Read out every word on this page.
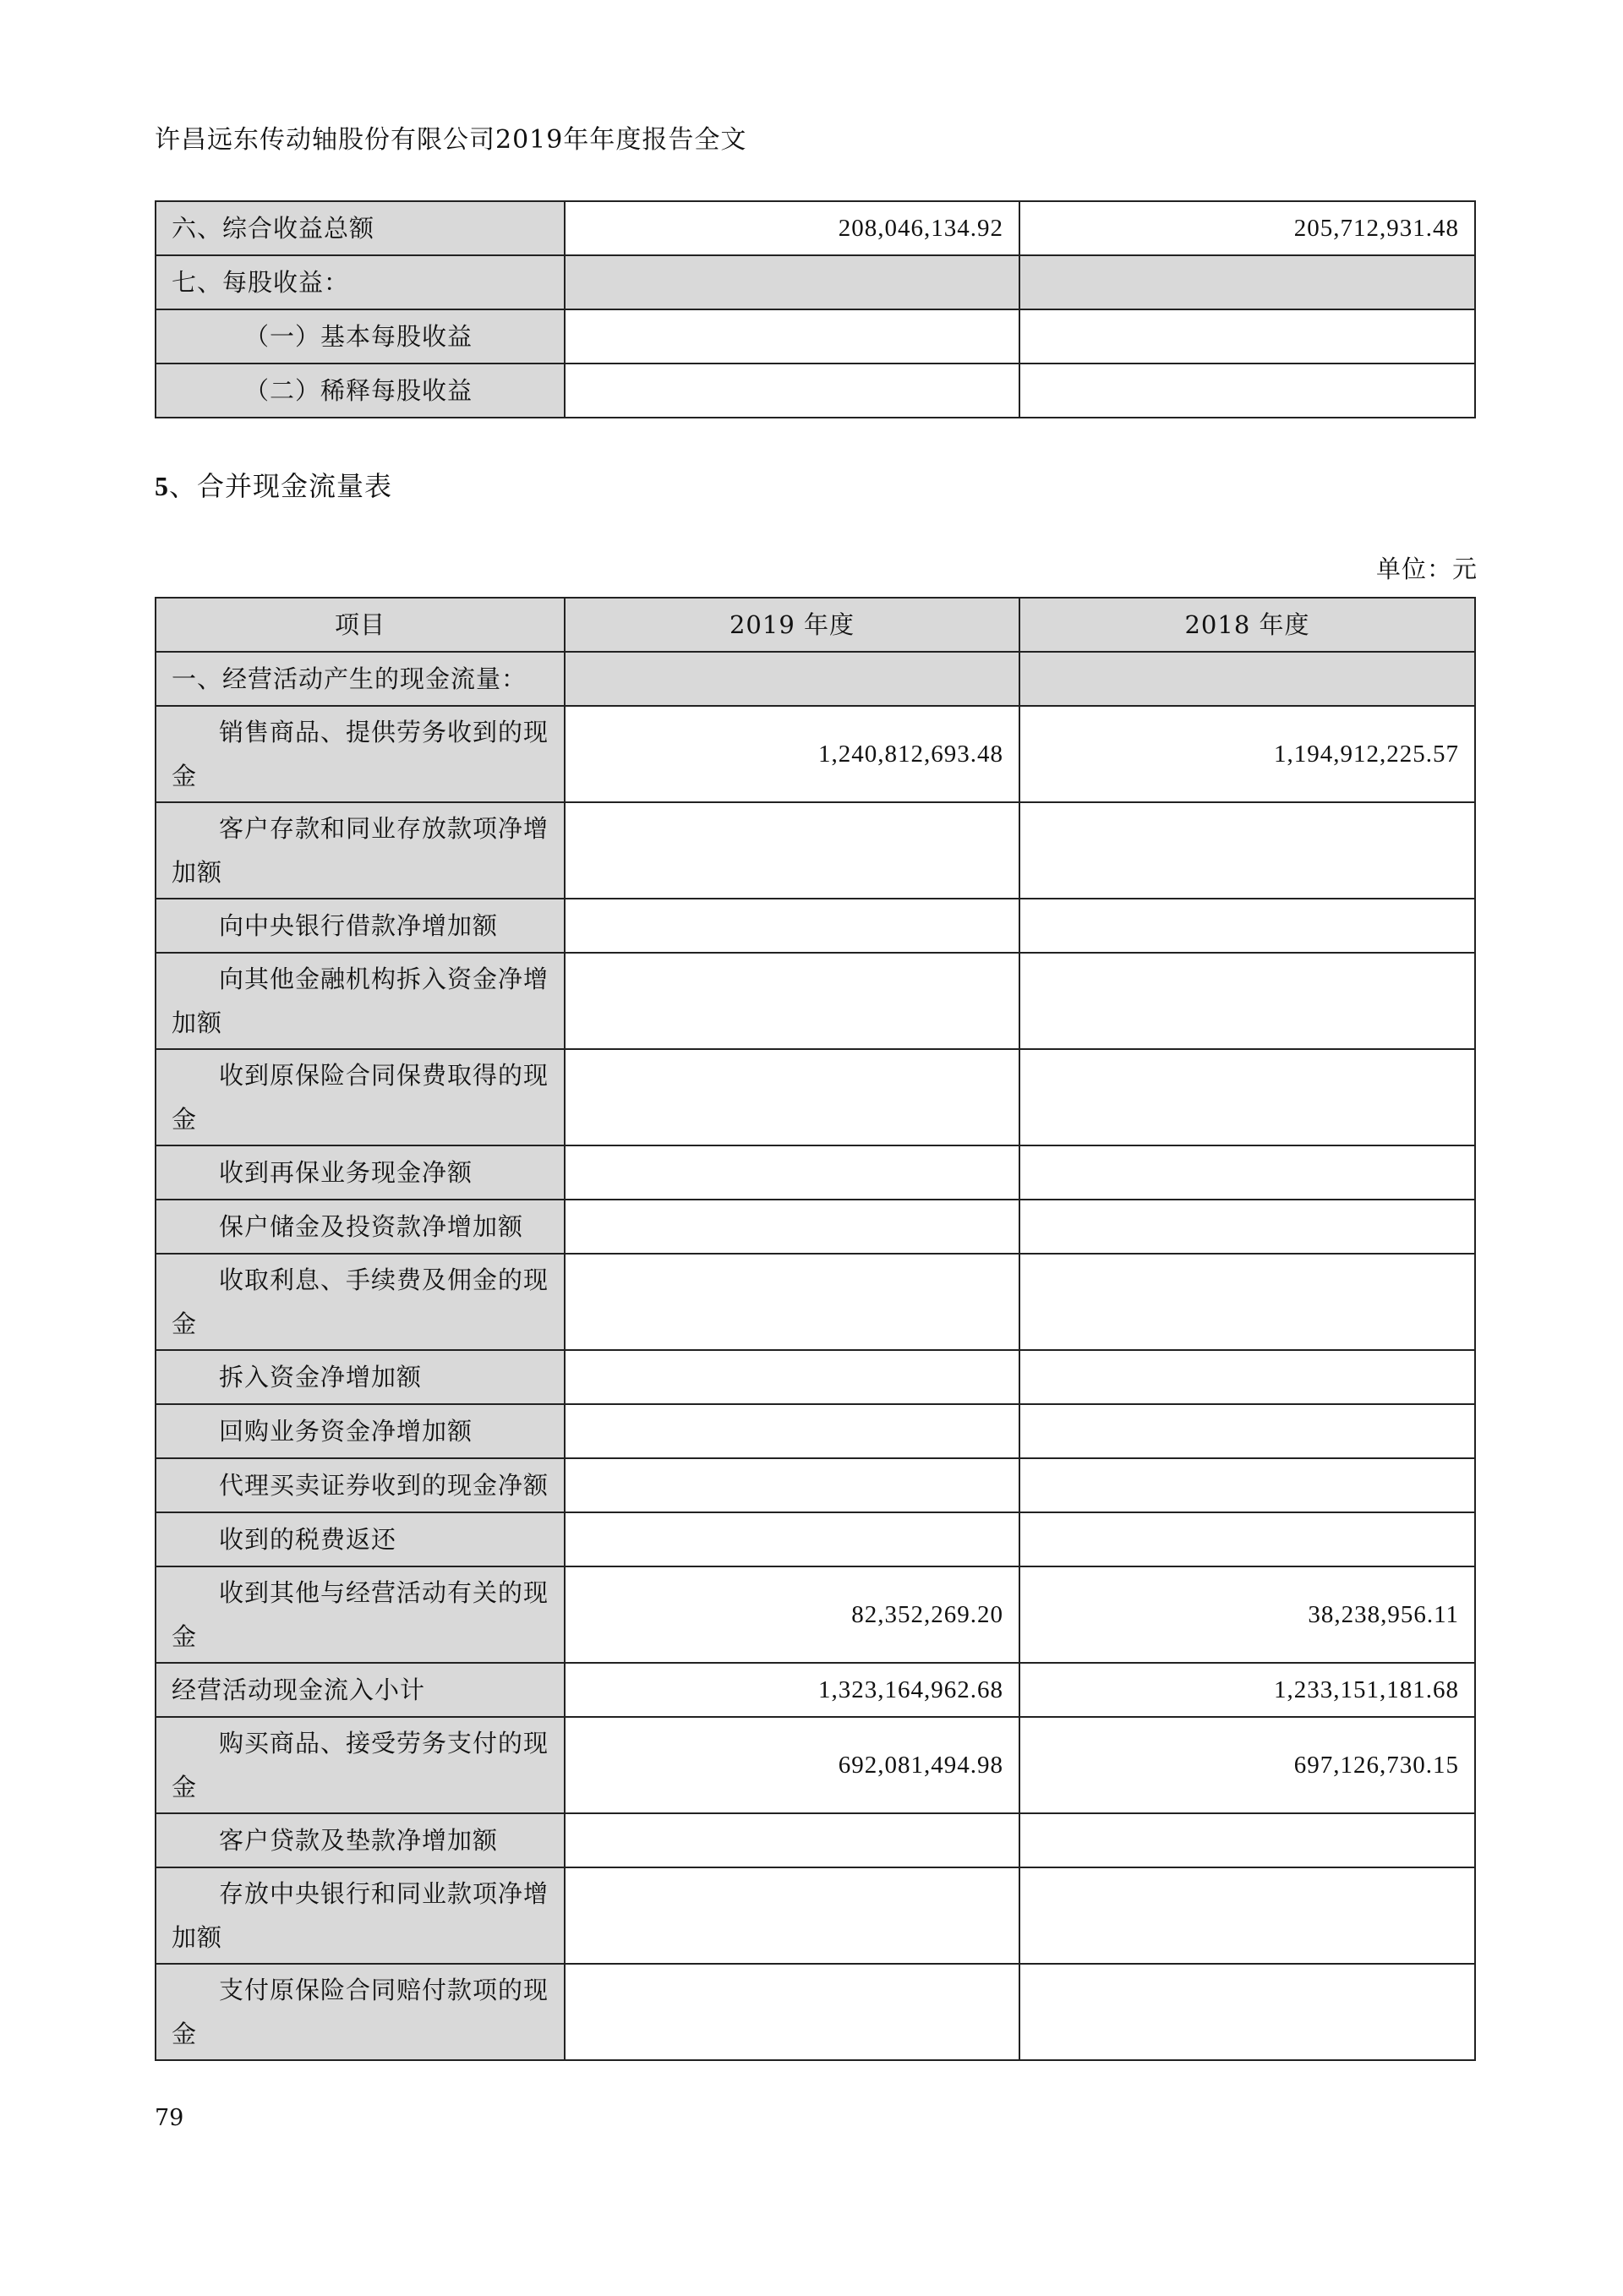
许昌远东传动轴股份有限公司2019年年度报告全文
六、综合收益总额	208,046,134.92	205,712,931.48
七、每股收益：		

（一）基本每股收益		

（二）稀释每股收益		

5、合并现金流量表
单位：元
项目	2019 年度	2018 年度
一、经营活动产生的现金流量：		

销售商品、提供劳务收到的现金	1,240,812,693.48	1,194,912,225.57

客户存款和同业存放款项净增加额		

向中央银行借款净增加额		

向其他金融机构拆入资金净增加额		

收到原保险合同保费取得的现金		

收到再保业务现金净额		

保户储金及投资款净增加额		

收取利息、手续费及佣金的现金		

拆入资金净增加额		

回购业务资金净增加额		

代理买卖证券收到的现金净额		

收到的税费返还		

收到其他与经营活动有关的现金	82,352,269.20	38,238,956.11
经营活动现金流入小计	1,323,164,962.68	1,233,151,181.68

购买商品、接受劳务支付的现金	692,081,494.98	697,126,730.15

客户贷款及垫款净增加额		

存放中央银行和同业款项净增加额		

支付原保险合同赔付款项的现金		

79
